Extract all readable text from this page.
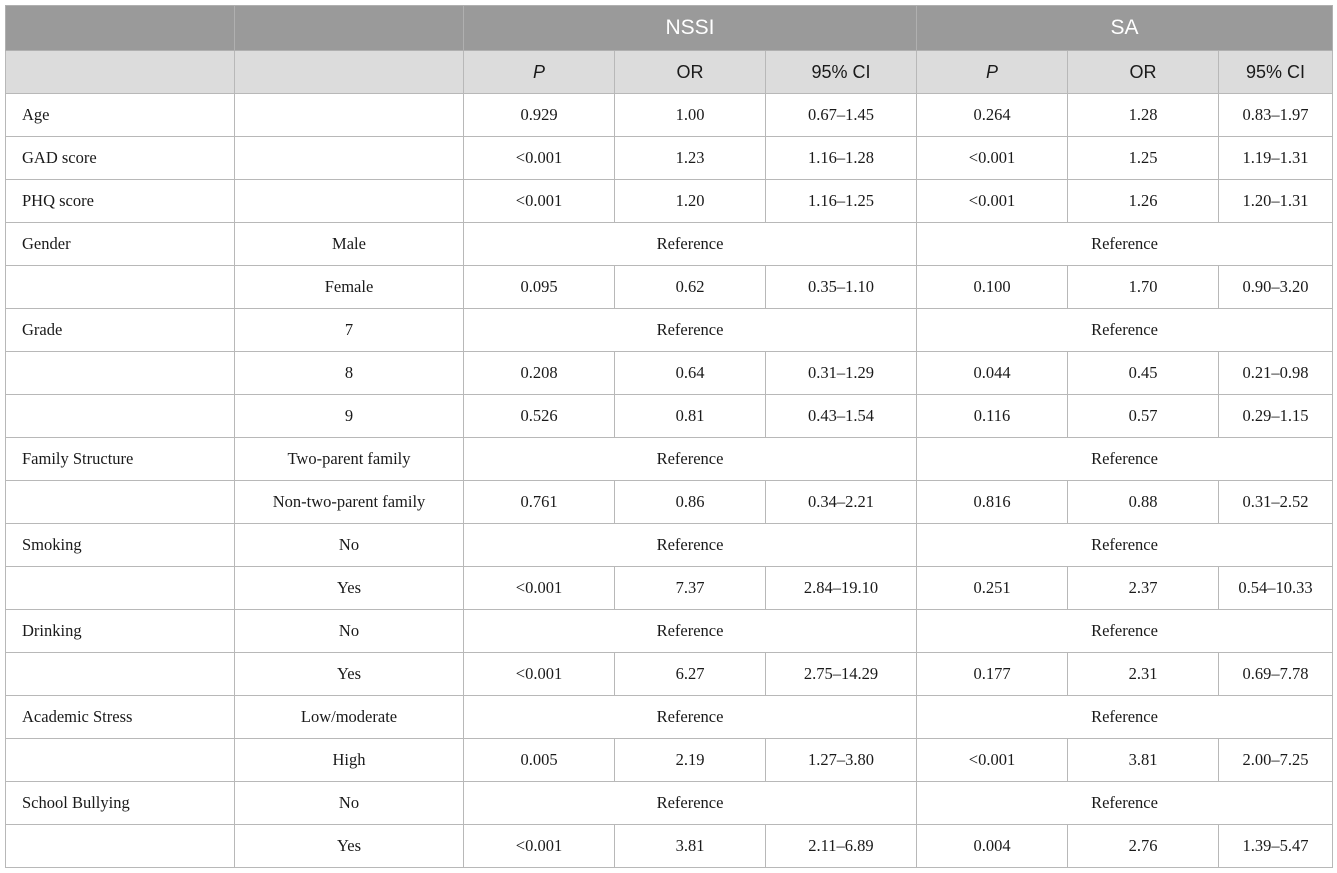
		NSSI			SA		
		P	OR	95% CI	P	OR	95% CI
Age		0.929	1.00	0.67–1.45	0.264	1.28	0.83–1.97
GAD score		<0.001	1.23	1.16–1.28	<0.001	1.25	1.19–1.31
PHQ score		<0.001	1.20	1.16–1.25	<0.001	1.26	1.20–1.31
Gender	Male	Reference			Reference		
	Female	0.095	0.62	0.35–1.10	0.100	1.70	0.90–3.20
Grade	7	Reference			Reference		
	8	0.208	0.64	0.31–1.29	0.044	0.45	0.21–0.98
	9	0.526	0.81	0.43–1.54	0.116	0.57	0.29–1.15
Family Structure	Two-parent family	Reference			Reference		
	Non-two-parent family	0.761	0.86	0.34–2.21	0.816	0.88	0.31–2.52
Smoking	No	Reference			Reference		
	Yes	<0.001	7.37	2.84–19.10	0.251	2.37	0.54–10.33
Drinking	No	Reference			Reference		
	Yes	<0.001	6.27	2.75–14.29	0.177	2.31	0.69–7.78
Academic Stress	Low/moderate	Reference			Reference		
	High	0.005	2.19	1.27–3.80	<0.001	3.81	2.00–7.25
School Bullying	No	Reference			Reference		
	Yes	<0.001	3.81	2.11–6.89	0.004	2.76	1.39–5.47
